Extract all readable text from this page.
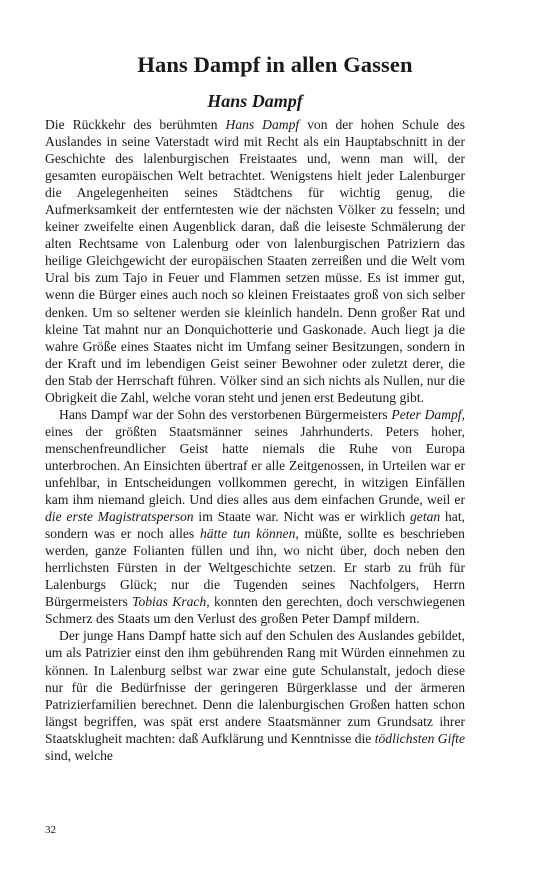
Hans Dampf in allen Gassen
Hans Dampf

Die Rückkehr des berühmten Hans Dampf von der hohen Schule des Auslandes in seine Vaterstadt wird mit Recht als ein Hauptabschnitt in der Geschichte des lalenburgischen Freistaates und, wenn man will, der gesamten europäischen Welt betrachtet. Wenigstens hielt jeder Lalenburger die Angelegenheiten seines Städtchens für wichtig genug, die Aufmerksamkeit der entferntesten wie der nächsten Völker zu fesseln; und keiner zweifelte einen Augenblick daran, daß die leiseste Schmälerung der alten Rechtsame von Lalenburg oder von lalenburgischen Patriziern das heilige Gleichgewicht der europäischen Staaten zerreißen und die Welt vom Ural bis zum Tajo in Feuer und Flammen setzen müsse. Es ist immer gut, wenn die Bürger eines auch noch so kleinen Freistaates groß von sich selber denken. Um so seltener werden sie kleinlich handeln. Denn großer Rat und kleine Tat mahnt nur an Donquichotterie und Gaskonade. Auch liegt ja die wahre Größe eines Staates nicht im Umfang seiner Besitzungen, sondern in der Kraft und im lebendigen Geist seiner Bewohner oder zuletzt derer, die den Stab der Herrschaft führen. Völker sind an sich nichts als Nullen, nur die Obrigkeit die Zahl, welche voran steht und jenen erst Bedeutung gibt.

Hans Dampf war der Sohn des verstorbenen Bürgermeisters Peter Dampf, eines der größten Staatsmänner seines Jahrhunderts. Peters hoher, menschenfreundlicher Geist hatte niemals die Ruhe von Europa unterbrochen. An Einsichten übertraf er alle Zeitgenossen, in Urteilen war er unfehlbar, in Entscheidungen vollkommen gerecht, in witzigen Einfällen kam ihm niemand gleich. Und dies alles aus dem einfachen Grunde, weil er die erste Magistratsperson im Staate war. Nicht was er wirklich getan hat, sondern was er noch alles hätte tun können, müßte, sollte es beschrieben werden, ganze Folianten füllen und ihn, wo nicht über, doch neben den herrlichsten Fürsten in der Weltgeschichte setzen. Er starb zu früh für Lalenburgs Glück; nur die Tugenden seines Nachfolgers, Herrn Bürgermeisters Tobias Krach, konnten den gerechten, doch verschwiegenen Schmerz des Staats um den Verlust des großen Peter Dampf mildern.

Der junge Hans Dampf hatte sich auf den Schulen des Auslandes gebildet, um als Patrizier einst den ihm gebührenden Rang mit Würden einnehmen zu können. In Lalenburg selbst war zwar eine gute Schulanstalt, jedoch diese nur für die Bedürfnisse der geringeren Bürgerklasse und der ärmeren Patrizierfamilien berechnet. Denn die lalenburgischen Großen hatten schon längst begriffen, was spät erst andere Staatsmänner zum Grundsatz ihrer Staatsklugheit machten: daß Aufklärung und Kenntnisse die tödlichsten Gifte sind, welche

32
